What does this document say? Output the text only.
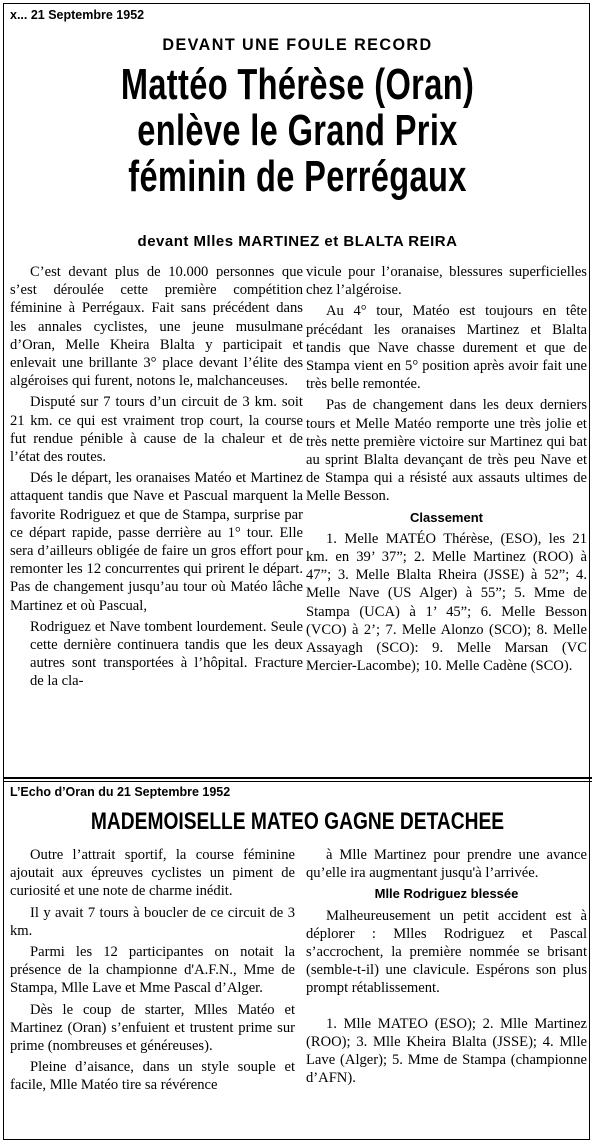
x... 21 Septembre 1952
DEVANT UNE FOULE RECORD
Mattéo Thérèse (Oran)
enlève le Grand Prix
féminin de Perrégaux
devant Mlles MARTINEZ et BLALTA REIRA

C’est devant plus de 10.000 personnes que s’est déroulée cette première compétition féminine à Perrégaux. Fait sans précédent dans les annales cyclistes, une jeune musulmane d’Oran, Melle Kheira Blalta y participait et enlevait une brillante 3° place devant l’élite des algéroises qui furent, notons le, malchanceuses.

Disputé sur 7 tours d’un circuit de 3 km. soit 21 km. ce qui est vraiment trop court, la course fut rendue pénible à cause de la chaleur et de l’état des routes.

Dés le départ, les oranaises Matéo et Martinez attaquent tandis que Nave et Pascual marquent la favorite Rodriguez et que de Stampa, surprise par ce départ rapide, passe derrière au 1° tour. Elle sera d’ailleurs obligée de faire un gros effort pour remonter les 12 concurrentes qui prirent le départ. Pas de changement jusqu’au tour où Matéo lâche Martinez et où Pascual,

Rodriguez et Nave tombent lourdement. Seule cette dernière continuera tandis que les deux autres sont transportées à l’hôpital. Fracture de la cla-

vicule pour l’oranaise, blessures superficielles chez l’algéroise.

Au 4° tour, Matéo est toujours en tête précédant les oranaises Martinez et Blalta tandis que Nave chasse durement et que de Stampa vient en 5° position après avoir fait une très belle remontée.

Pas de changement dans les deux derniers tours et Melle Matéo remporte une très jolie et très nette première victoire sur Martinez qui bat au sprint Blalta devançant de très peu Nave et de Stampa qui a résisté aux assauts ultimes de Melle Besson.

Classement

1. Melle MATÉO Thérèse, (ESO), les 21 km. en 39’ 37”; 2. Melle Martinez (ROO) à 47”; 3. Melle Blalta Rheira (JSSE) à 52”; 4. Melle Nave (US Alger) à 55”; 5. Mme de Stampa (UCA) à 1’ 45”; 6. Melle Besson (VCO) à 2’; 7. Melle Alonzo (SCO); 8. Melle Assayagh (SCO): 9. Melle Marsan (VC Mercier-Lacombe); 10. Melle Cadène (SCO).

L’Echo d’Oran du 21 Septembre 1952
MADEMOISELLE MATEO GAGNE DETACHEE

Outre l’attrait sportif, la course féminine ajoutait aux épreuves cyclistes un piment de curiosité et une note de charme inédit.

Il y avait 7 tours à boucler de ce circuit de 3 km.

Parmi les 12 participantes on notait la présence de la championne d'A.F.N., Mme de Stampa, Mlle Lave et Mme Pascal d’Alger.

Dès le coup de starter, Mlles Matéo et Martinez (Oran) s’enfuient et trustent prime sur prime (nombreuses et généreuses).

Pleine d’aisance, dans un style souple et facile, Mlle Matéo tire sa révérence

à Mlle Martinez pour prendre une avance qu’elle ira augmentant jusqu'à l’arrivée.

Mlle Rodriguez blessée

Malheureusement un petit accident est à déplorer : Mlles Rodriguez et Pascal s’accrochent, la première nommée se brisant (semble-t-il) une clavicule. Espérons son plus prompt rétablissement.

1. Mlle MATEO (ESO); 2. Mlle Martinez (ROO); 3. Mlle Kheira Blalta (JSSE); 4. Mlle Lave (Alger); 5. Mme de Stampa (championne d’AFN).
